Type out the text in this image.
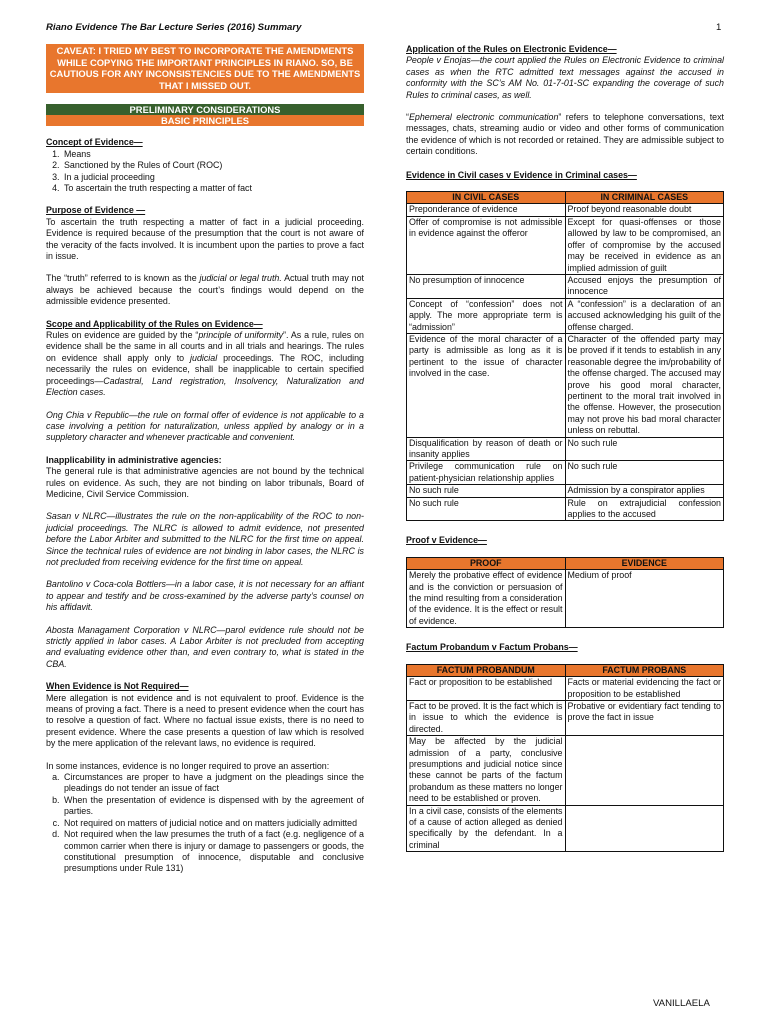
Riano Evidence The Bar Lecture Series (2016) Summary	1
CAVEAT: I TRIED MY BEST TO INCORPORATE THE AMENDMENTS WHILE COPYING THE IMPORTANT PRINCIPLES IN RIANO. SO, BE CAUTIOUS FOR ANY INCONSISTENCIES DUE TO THE AMENDMENTS THAT I MISSED OUT.
PRELIMINARY CONSIDERATIONS
BASIC PRINCIPLES
Concept of Evidence—
1. Means
2. Sanctioned by the Rules of Court (ROC)
3. In a judicial proceeding
4. To ascertain the truth respecting a matter of fact
Purpose of Evidence —

To ascertain the truth respecting a matter of fact in a judicial proceeding. Evidence is required because of the presumption that the court is not aware of the veracity of the facts involved. It is incumbent upon the parties to prove a fact in issue.

The “truth” referred to is known as the judicial or legal truth. Actual truth may not always be achieved because the court’s findings would depend on the admissible evidence presented.

Scope and Applicability of the Rules on Evidence—

Rules on evidence are guided by the “principle of uniformity”. As a rule, rules on evidence shall be the same in all courts and in all trials and hearings. The rules on evidence shall apply only to judicial proceedings. The ROC, including necessarily the rules on evidence, shall be inapplicable to certain specified proceedings—Cadastral, Land registration, Insolvency, Naturalization and Election cases.

Ong Chia v Republic—the rule on formal offer of evidence is not applicable to a case involving a petition for naturalization, unless applied by analogy or in a suppletory character and whenever practicable and convenient.

Inapplicability in administrative agencies:

The general rule is that administrative agencies are not bound by the technical rules on evidence. As such, they are not binding on labor tribunals, Board of Medicine, Civil Service Commission.

Sasan v NLRC—illustrates the rule on the non-applicability of the ROC to non-judicial proceedings. The NLRC is allowed to admit evidence, not presented before the Labor Arbiter and submitted to the NLRC for the first time on appeal. Since the technical rules of evidence are not binding in labor cases, the NLRC is not precluded from receiving evidence for the first time on appeal.

Bantolino v Coca-cola Bottlers—in a labor case, it is not necessary for an affiant to appear and testify and be cross-examined by the adverse party’s counsel on his affidavit.

Abosta Managament Corporation v NLRC—parol evidence rule should not be strictly applied in labor cases. A Labor Arbiter is not precluded from accepting and evaluating evidence other than, and even contrary to, what is stated in the CBA.

When Evidence is Not Required—

Mere allegation is not evidence and is not equivalent to proof. Evidence is the means of proving a fact. There is a need to present evidence when the court has to resolve a question of fact. Where no factual issue exists, there is no need to present evidence. Where the case presents a question of law which is resolved by the mere application of the relevant laws, no evidence is required.

In some instances, evidence is no longer required to prove an assertion:

a. Circumstances are proper to have a judgment on the pleadings since the pleadings do not tender an issue of fact
b. When the presentation of evidence is dispensed with by the agreement of parties.
c. Not required on matters of judicial notice and on matters judicially admitted
d. Not required when the law presumes the truth of a fact (e.g. negligence of a common carrier when there is injury or damage to passengers or goods, the constitutional presumption of innocence, disputable and conclusive presumptions under Rule 131)
Application of the Rules on Electronic Evidence—

People v Enojas—the court applied the Rules on Electronic Evidence to criminal cases as when the RTC admitted text messages against the accused in conformity with the SC’s AM No. 01-7-01-SC expanding the coverage of such Rules to criminal cases, as well.

“Ephemeral electronic communication” refers to telephone conversations, text messages, chats, streaming audio or video and other forms of communication the evidence of which is not recorded or retained. They are admissible subject to certain conditions.

Evidence in Civil cases v Evidence in Criminal cases—
IN CIVIL CASES	IN CRIMINAL CASES
Preponderance of evidence	Proof beyond reasonable doubt
Offer of compromise is not admissible in evidence against the offeror	Except for quasi-offenses or those allowed by law to be compromised, an offer of compromise by the accused may be received in evidence as an implied admission of guilt
No presumption of innocence	Accused enjoys the presumption of innocence
Concept of “confession” does not apply. The more appropriate term is “admission”	A “confession” is a declaration of an accused acknowledging his guilt of the offense charged.
Evidence of the moral character of a party is admissible as long as it is pertinent to the issue of character involved in the case.	Character of the offended party may be proved if it tends to establish in any reasonable degree the im/probability of the offense charged. The accused may prove his good moral character, pertinent to the moral trait involved in the offense. However, the prosecution may not prove his bad moral character unless on rebuttal.
Disqualification by reason of death or insanity applies	No such rule
Privilege communication rule on patient-physician relationship applies	No such rule
No such rule	Admission by a conspirator applies
No such rule	Rule on extrajudicial confession applies to the accused
Proof v Evidence—
PROOF	EVIDENCE
Merely the probative effect of evidence and is the conviction or persuasion of the mind resulting from a consideration of the evidence. It is the effect or result of evidence.	Medium of proof
Factum Probandum v Factum Probans—
FACTUM PROBANDUM	FACTUM PROBANS
Fact or proposition to be established	Facts or material evidencing the fact or proposition to be established
Fact to be proved. It is the fact which is in issue to which the evidence is directed.	Probative or evidentiary fact tending to prove the fact in issue
May be affected by the judicial admission of a party, conclusive presumptions and judicial notice since these cannot be parts of the factum probandum as these matters no longer need to be established or proven.	
In a civil case, consists of the elements of a cause of action alleged as denied specifically by the defendant. In a criminal	
VANILLAELA
